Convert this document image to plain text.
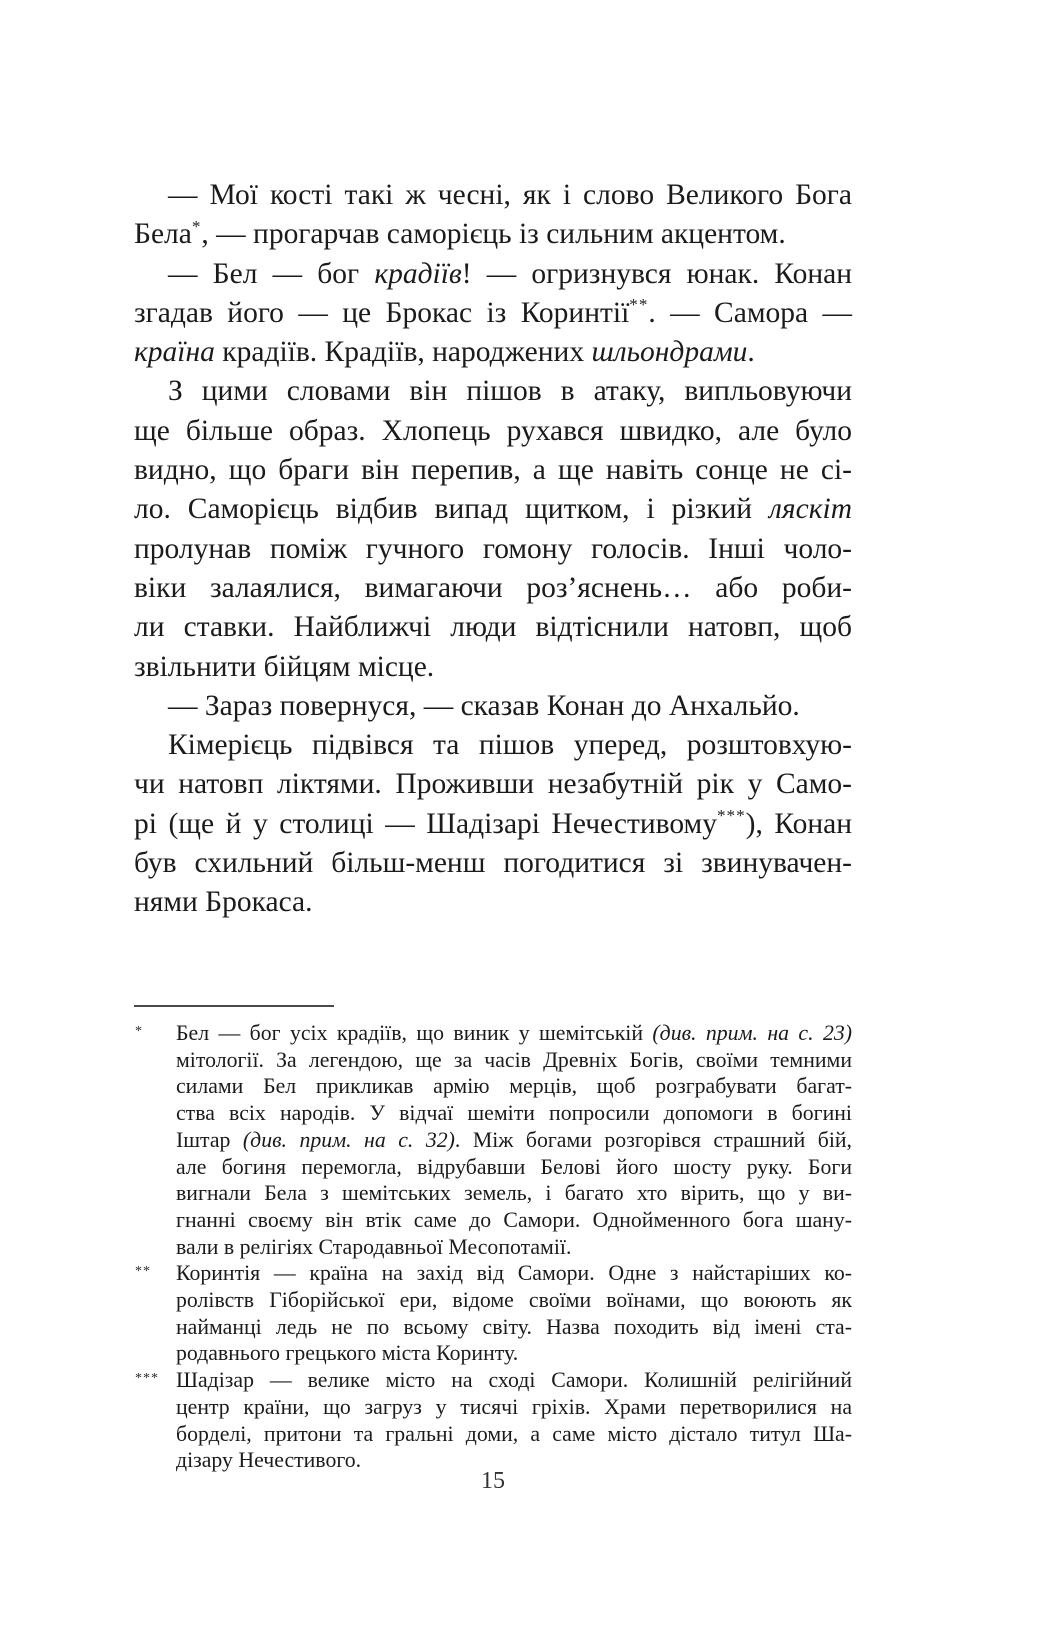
— Мої кості такі ж чесні, як і слово Великого Бога
Бела*, — прогарчав саморієць із сильним акцентом.
— Бел — бог крадіїв! — огризнувся юнак. Конан
згадав його — це Брокас із Коринтії**. — Самора —
країна крадіїв. Крадіїв, народжених шльондрами.
З цими словами він пішов в атаку, випльовуючи
ще більше образ. Хлопець рухався швидко, але було
видно, що браги він перепив, а ще навіть сонце не сі-
ло. Саморієць відбив випад щитком, і різкий ляскіт
пролунав поміж гучного гомону голосів. Інші чоло-
віки залаялися, вимагаючи роз’яснень… або роби-
ли ставки. Найближчі люди відтіснили натовп, щоб
звільнити бійцям місце.
— Зараз повернуся, — сказав Конан до Анхальйо.
Кімерієць підвівся та пішов уперед, розштовхую-
чи натовп ліктями. Проживши незабутній рік у Само-
рі (ще й у столиці — Шадізарі Нечестивому***), Конан
був схильний більш-менш погодитися зі звинувачен-
нями Брокаса.
* Бел — бог усіх крадіїв, що виник у шемітській (див. прим. на с. 23)
мітології. За легендою, ще за часів Древніх Богів, своїми темними
силами Бел прикликав армію мерців, щоб розграбувати багат-
ства всіх народів. У відчаї шеміти попросили допомоги в богині
Іштар (див. прим. на с. 32). Між богами розгорівся страшний бій,
але богиня перемогла, відрубавши Белові його шосту руку. Боги
вигнали Бела з шемітських земель, і багато хто вірить, що у ви-
гнанні своєму він втік саме до Самори. Однойменного бога шану-
вали в релігіях Стародавньої Месопотамії.
** Коринтія — країна на захід від Самори. Одне з найстаріших ко-
ролівств Гіборійської ери, відоме своїми воїнами, що воюють як
найманці ледь не по всьому світу. Назва походить від імені ста-
родавнього грецького міста Коринту.
*** Шадізар — велике місто на сході Самори. Колишній релігійний
центр країни, що загруз у тисячі гріхів. Храми перетворилися на
борделі, притони та гральні доми, а саме місто дістало титул Ша-
дізару Нечестивого.
15
